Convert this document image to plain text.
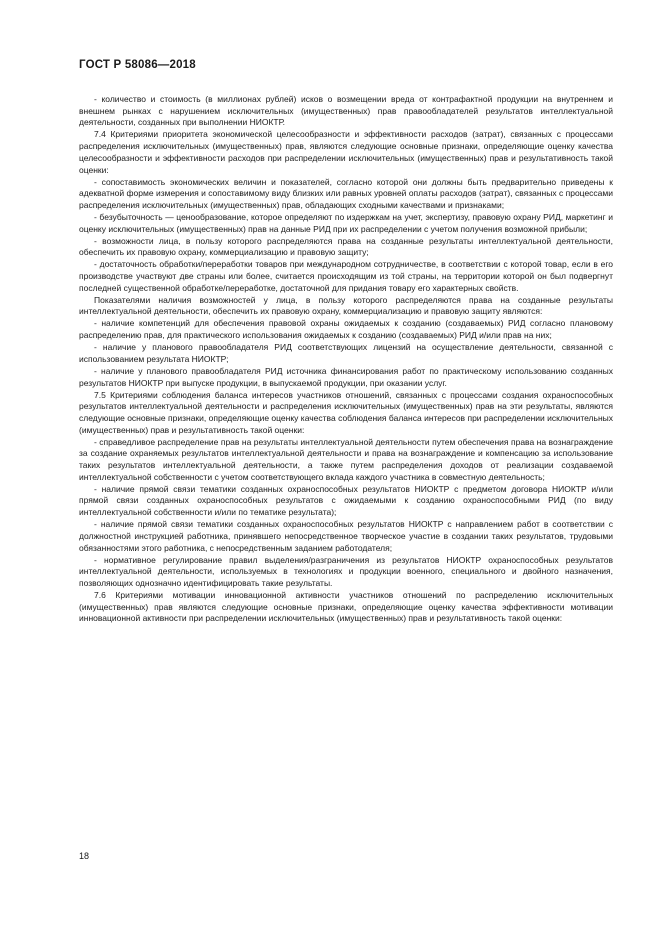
ГОСТ Р 58086—2018

- количество и стоимость (в миллионах рублей) исков о возмещении вреда от контрафактной продукции на внутреннем и внешнем рынках с нарушением исключительных (имущественных) прав правообладателей результатов интеллектуальной деятельности, созданных при выполнении НИОКТР.

7.4 Критериями приоритета экономической целесообразности и эффективности расходов (затрат), связанных с процессами распределения исключительных (имущественных) прав, являются следующие основные признаки, определяющие оценку качества целесообразности и эффективности расходов при распределении исключительных (имущественных) прав и результативность такой оценки:

- сопоставимость экономических величин и показателей, согласно которой они должны быть предварительно приведены к адекватной форме измерения и сопоставимому виду близких или равных уровней оплаты расходов (затрат), связанных с процессами распределения исключительных (имущественных) прав, обладающих сходными качествами и признаками;

- безубыточность — ценообразование, которое определяют по издержкам на учет, экспертизу, правовую охрану РИД, маркетинг и оценку исключительных (имущественных) прав на данные РИД при их распределении с учетом получения возможной прибыли;

- возможности лица, в пользу которого распределяются права на созданные результаты интеллектуальной деятельности, обеспечить их правовую охрану, коммерциализацию и правовую защиту;

- достаточность обработки/переработки товаров при международном сотрудничестве, в соответствии с которой товар, если в его производстве участвуют две страны или более, считается происходящим из той страны, на территории которой он был подвергнут последней существенной обработке/переработке, достаточной для придания товару его характерных свойств.

Показателями наличия возможностей у лица, в пользу которого распределяются права на созданные результаты интеллектуальной деятельности, обеспечить их правовую охрану, коммерциализацию и правовую защиту являются:

- наличие компетенций для обеспечения правовой охраны ожидаемых к созданию (создаваемых) РИД согласно плановому распределению прав, для практического использования ожидаемых к созданию (создаваемых) РИД и/или прав на них;

- наличие у планового правообладателя РИД соответствующих лицензий на осуществление деятельности, связанной с использованием результата НИОКТР;

- наличие у планового правообладателя РИД источника финансирования работ по практическому использованию созданных результатов НИОКТР при выпуске продукции, в выпускаемой продукции, при оказании услуг.

7.5 Критериями соблюдения баланса интересов участников отношений, связанных с процессами создания охраноспособных результатов интеллектуальной деятельности и распределения исключительных (имущественных) прав на эти результаты, являются следующие основные признаки, определяющие оценку качества соблюдения баланса интересов при распределении исключительных (имущественных) прав и результативность такой оценки:

- справедливое распределение прав на результаты интеллектуальной деятельности путем обеспечения права на вознаграждение за создание охраняемых результатов интеллектуальной деятельности и права на вознаграждение и компенсацию за использование таких результатов интеллектуальной деятельности, а также путем распределения доходов от реализации создаваемой интеллектуальной собственности с учетом соответствующего вклада каждого участника в совместную деятельность;

- наличие прямой связи тематики созданных охраноспособных результатов НИОКТР с предметом договора НИОКТР и/или прямой связи созданных охраноспособных результатов с ожидаемыми к созданию охраноспособными РИД (по виду интеллектуальной собственности и/или по тематике результата);

- наличие прямой связи тематики созданных охраноспособных результатов НИОКТР с направлением работ в соответствии с должностной инструкцией работника, принявшего непосредственное творческое участие в создании таких результатов, трудовыми обязанностями этого работника, с непосредственным заданием работодателя;

- нормативное регулирование правил выделения/разграничения из результатов НИОКТР охраноспособных результатов интеллектуальной деятельности, используемых в технологиях и продукции военного, специального и двойного назначения, позволяющих однозначно идентифицировать такие результаты.

7.6 Критериями мотивации инновационной активности участников отношений по распределению исключительных (имущественных) прав являются следующие основные признаки, определяющие оценку качества эффективности мотивации инновационной активности при распределении исключительных (имущественных) прав и результативность такой оценки:

18
